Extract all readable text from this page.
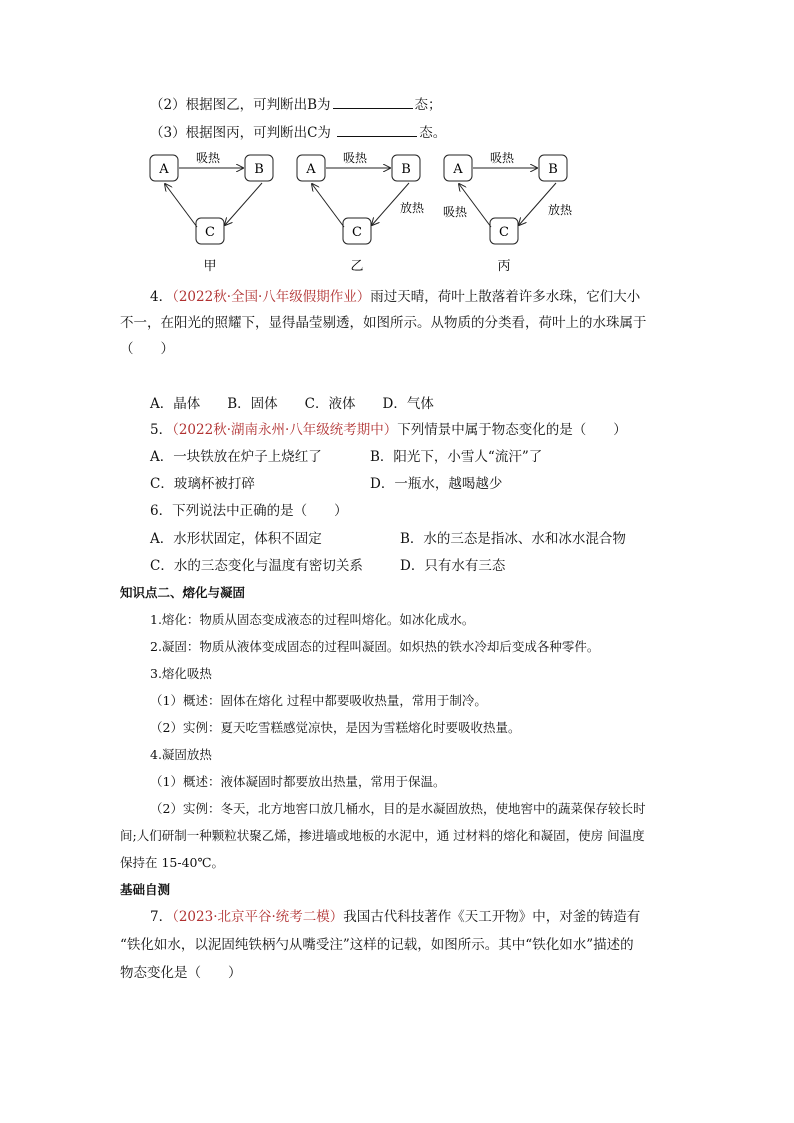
（2）根据图乙，可判断出B为	态；
（3）根据图丙，可判断出C为	态。
A	B
C
吸热
甲
A	B
C
吸热
放热
乙
A	B
C
吸热
放热
吸热
丙
4．（2022秋·全国·八年级假期作业）雨过天晴，荷叶上散落着许多水珠，它们大小
不一，在阳光的照耀下，显得晶莹剔透，如图所示。从物质的分类看，荷叶上的水珠属于
（　　）
A．晶体　　B．固体　　C．液体　　D．气体
5．（2022秋·湖南永州·八年级统考期中）下列情景中属于物态变化的是（　　）
A．一块铁放在炉子上烧红了	B．阳光下，小雪人“流汗”了
C．玻璃杯被打碎	D．一瓶水，越喝越少
6．下列说法中正确的是（　　）
A．水形状固定，体积不固定	B．水的三态是指冰、水和冰水混合物
C．水的三态变化与温度有密切关系	D．只有水有三态
知识点二、熔化与凝固
1.熔化：物质从固态变成液态的过程叫熔化。如冰化成水。
2.凝固：物质从液体变成固态的过程叫凝固。如炽热的铁水冷却后变成各种零件。
3.熔化吸热
（1）概述：固体在熔化 过程中都要吸收热量，常用于制冷。
（2）实例：夏天吃雪糕感觉凉快，是因为雪糕熔化时要吸收热量。
4.凝固放热
（1）概述：液体凝固时都要放出热量，常用于保温。
（2）实例：冬天，北方地窖口放几桶水，目的是水凝固放热，使地窖中的蔬菜保存较长时
间;人们研制一种颗粒状聚乙烯，掺进墙或地板的水泥中，通 过材料的熔化和凝固，使房 间温度
保持在 15-40℃。
基础自测
7．（2023·北京平谷·统考二模）我国古代科技著作《天工开物》中，对釜的铸造有
“铁化如水，以泥固纯铁柄勺从嘴受注”这样的记载，如图所示。其中“铁化如水”描述的
物态变化是（　　）
